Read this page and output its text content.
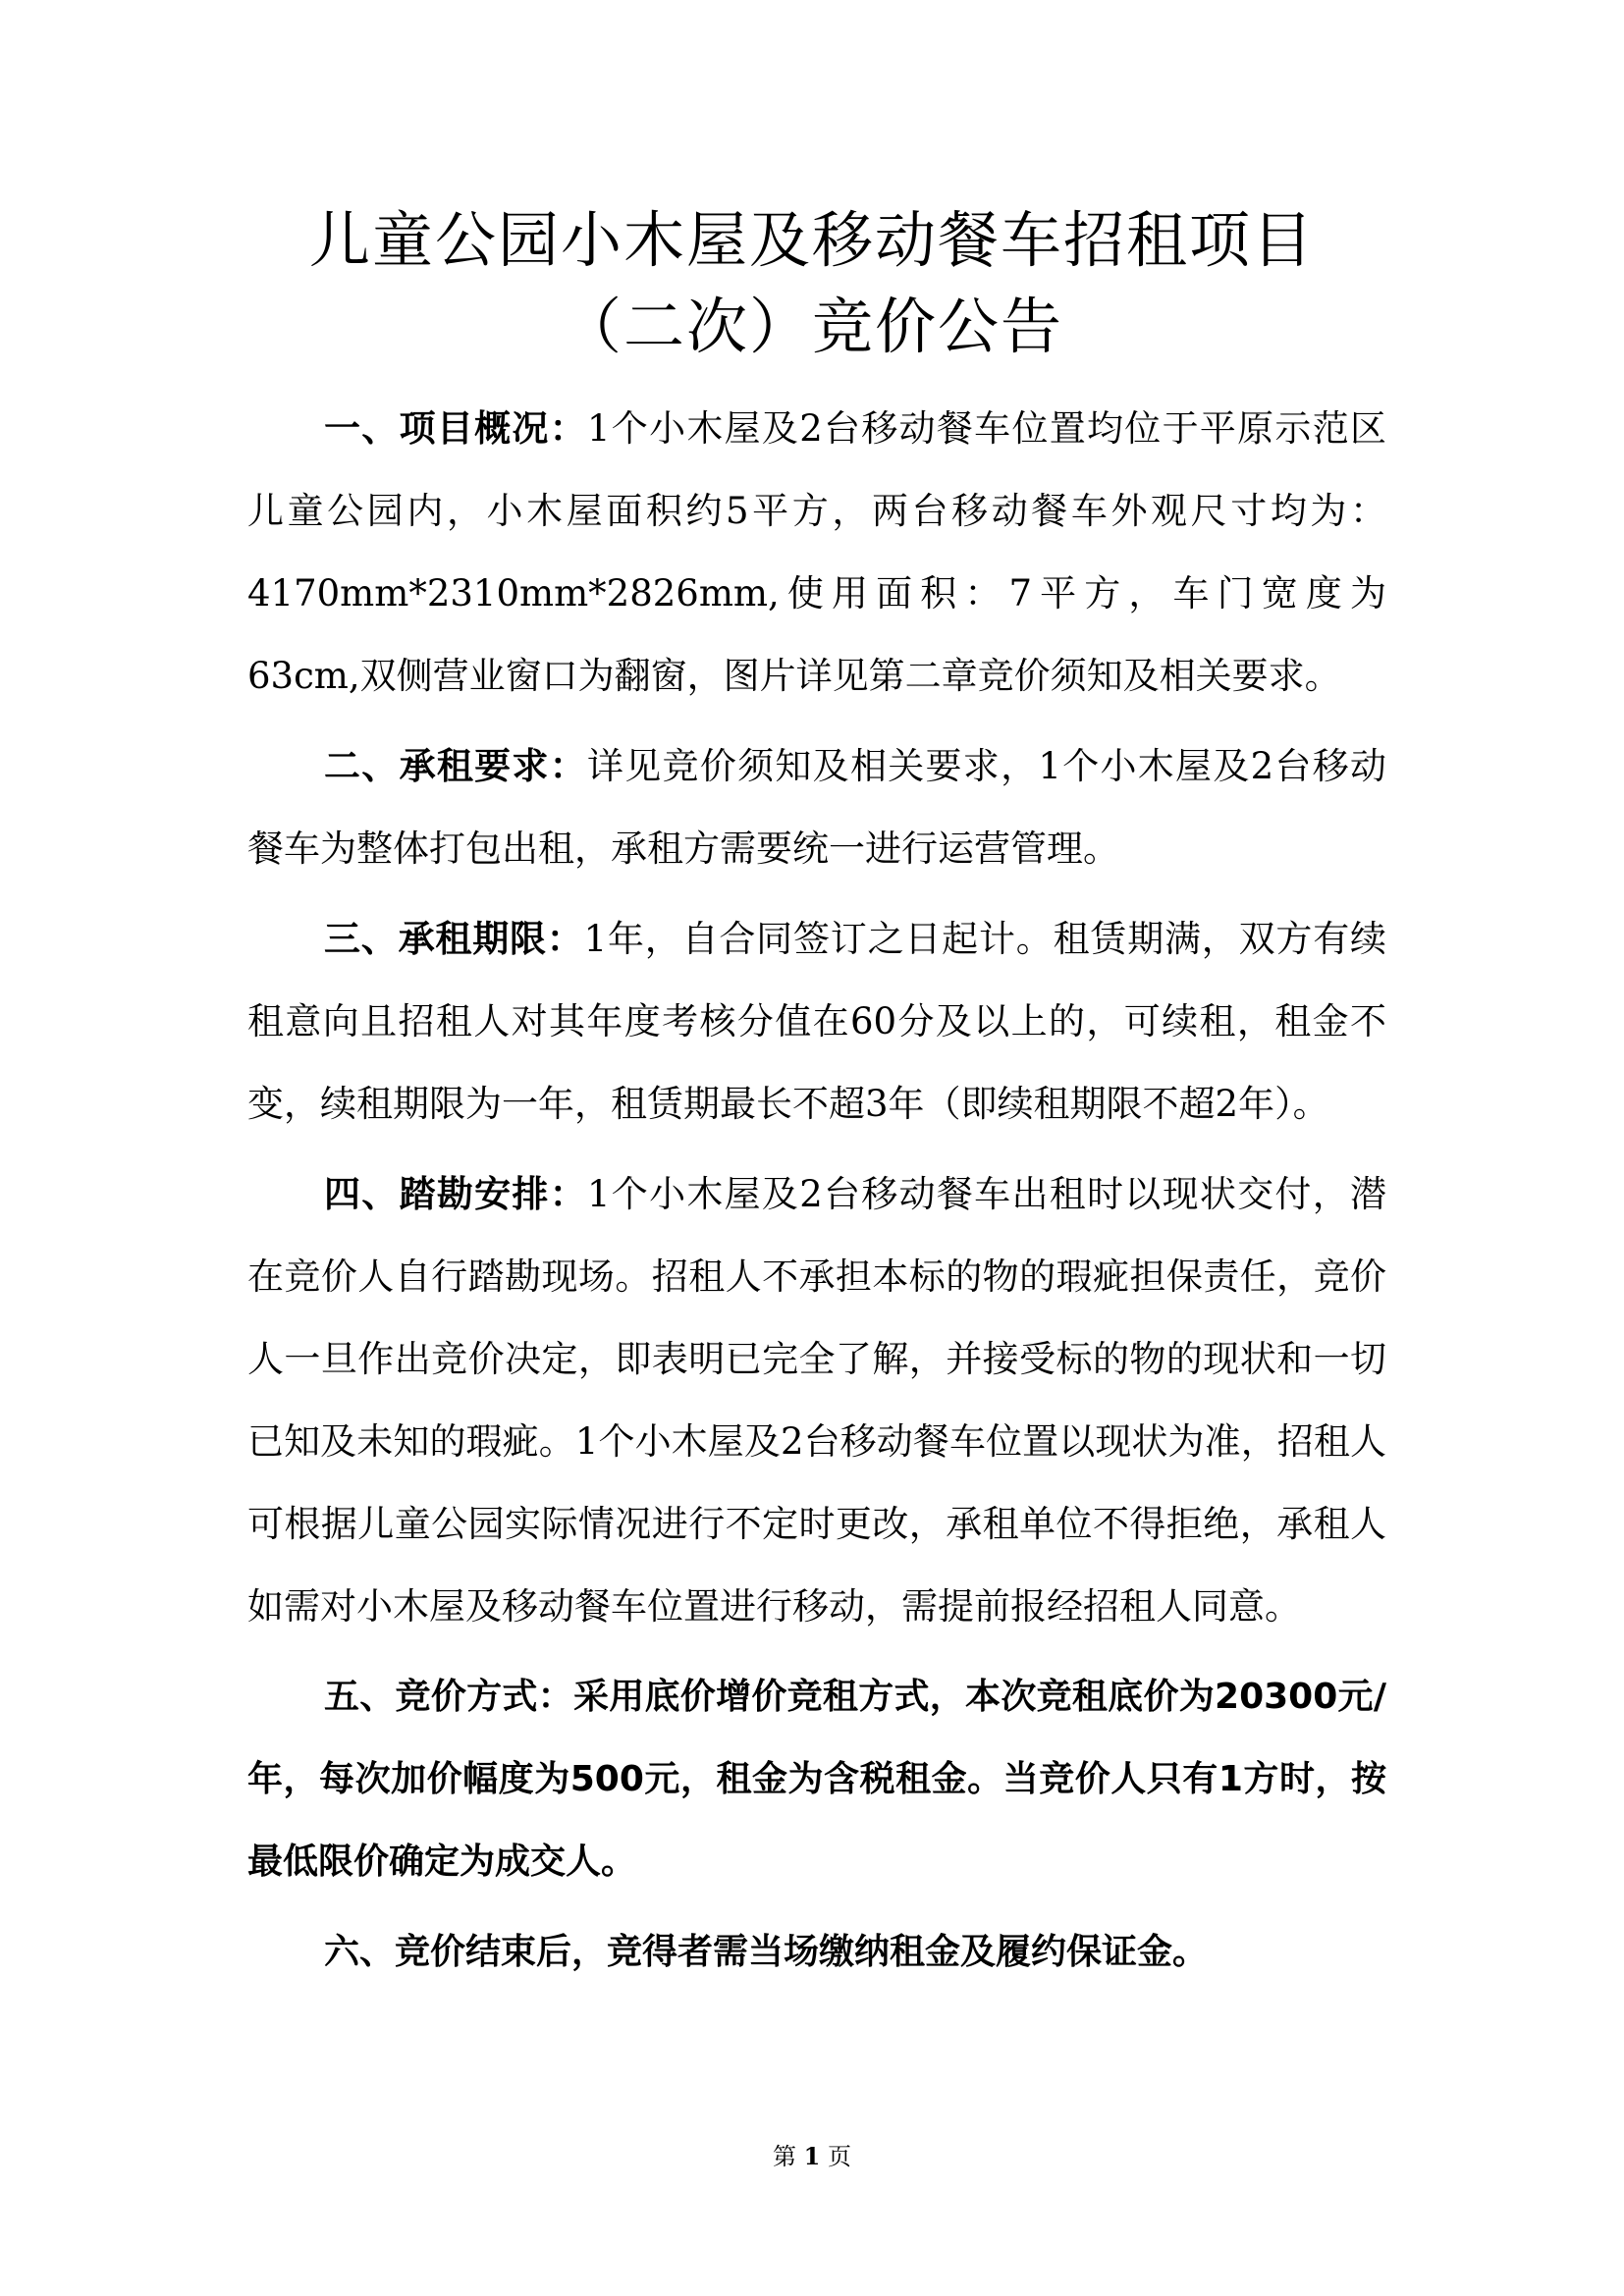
儿童公园小木屋及移动餐车招租项目
（二次）竞价公告

一、项目概况：1个小木屋及2台移动餐车位置均位于平原示范区儿童公园内，小木屋面积约5平方，两台移动餐车外观尺寸均为：4170mm*2310mm*2826mm,使用面积：7平方，车门宽度为63cm,双侧营业窗口为翻窗，图片详见第二章竞价须知及相关要求。

二、承租要求：详见竞价须知及相关要求，1个小木屋及2台移动餐车为整体打包出租，承租方需要统一进行运营管理。

三、承租期限：1年，自合同签订之日起计。租赁期满，双方有续租意向且招租人对其年度考核分值在60分及以上的，可续租，租金不变，续租期限为一年，租赁期最长不超3年（即续租期限不超2年）。

四、踏勘安排：1个小木屋及2台移动餐车出租时以现状交付，潜在竞价人自行踏勘现场。招租人不承担本标的物的瑕疵担保责任，竞价人一旦作出竞价决定，即表明已完全了解，并接受标的物的现状和一切已知及未知的瑕疵。1个小木屋及2台移动餐车位置以现状为准，招租人可根据儿童公园实际情况进行不定时更改，承租单位不得拒绝，承租人如需对小木屋及移动餐车位置进行移动，需提前报经招租人同意。

五、竞价方式：采用底价增价竞租方式，本次竞租底价为20300元/年，每次加价幅度为500元，租金为含税租金。当竞价人只有1方时，按最低限价确定为成交人。

六、竞价结束后，竞得者需当场缴纳租金及履约保证金。

第 1 页
